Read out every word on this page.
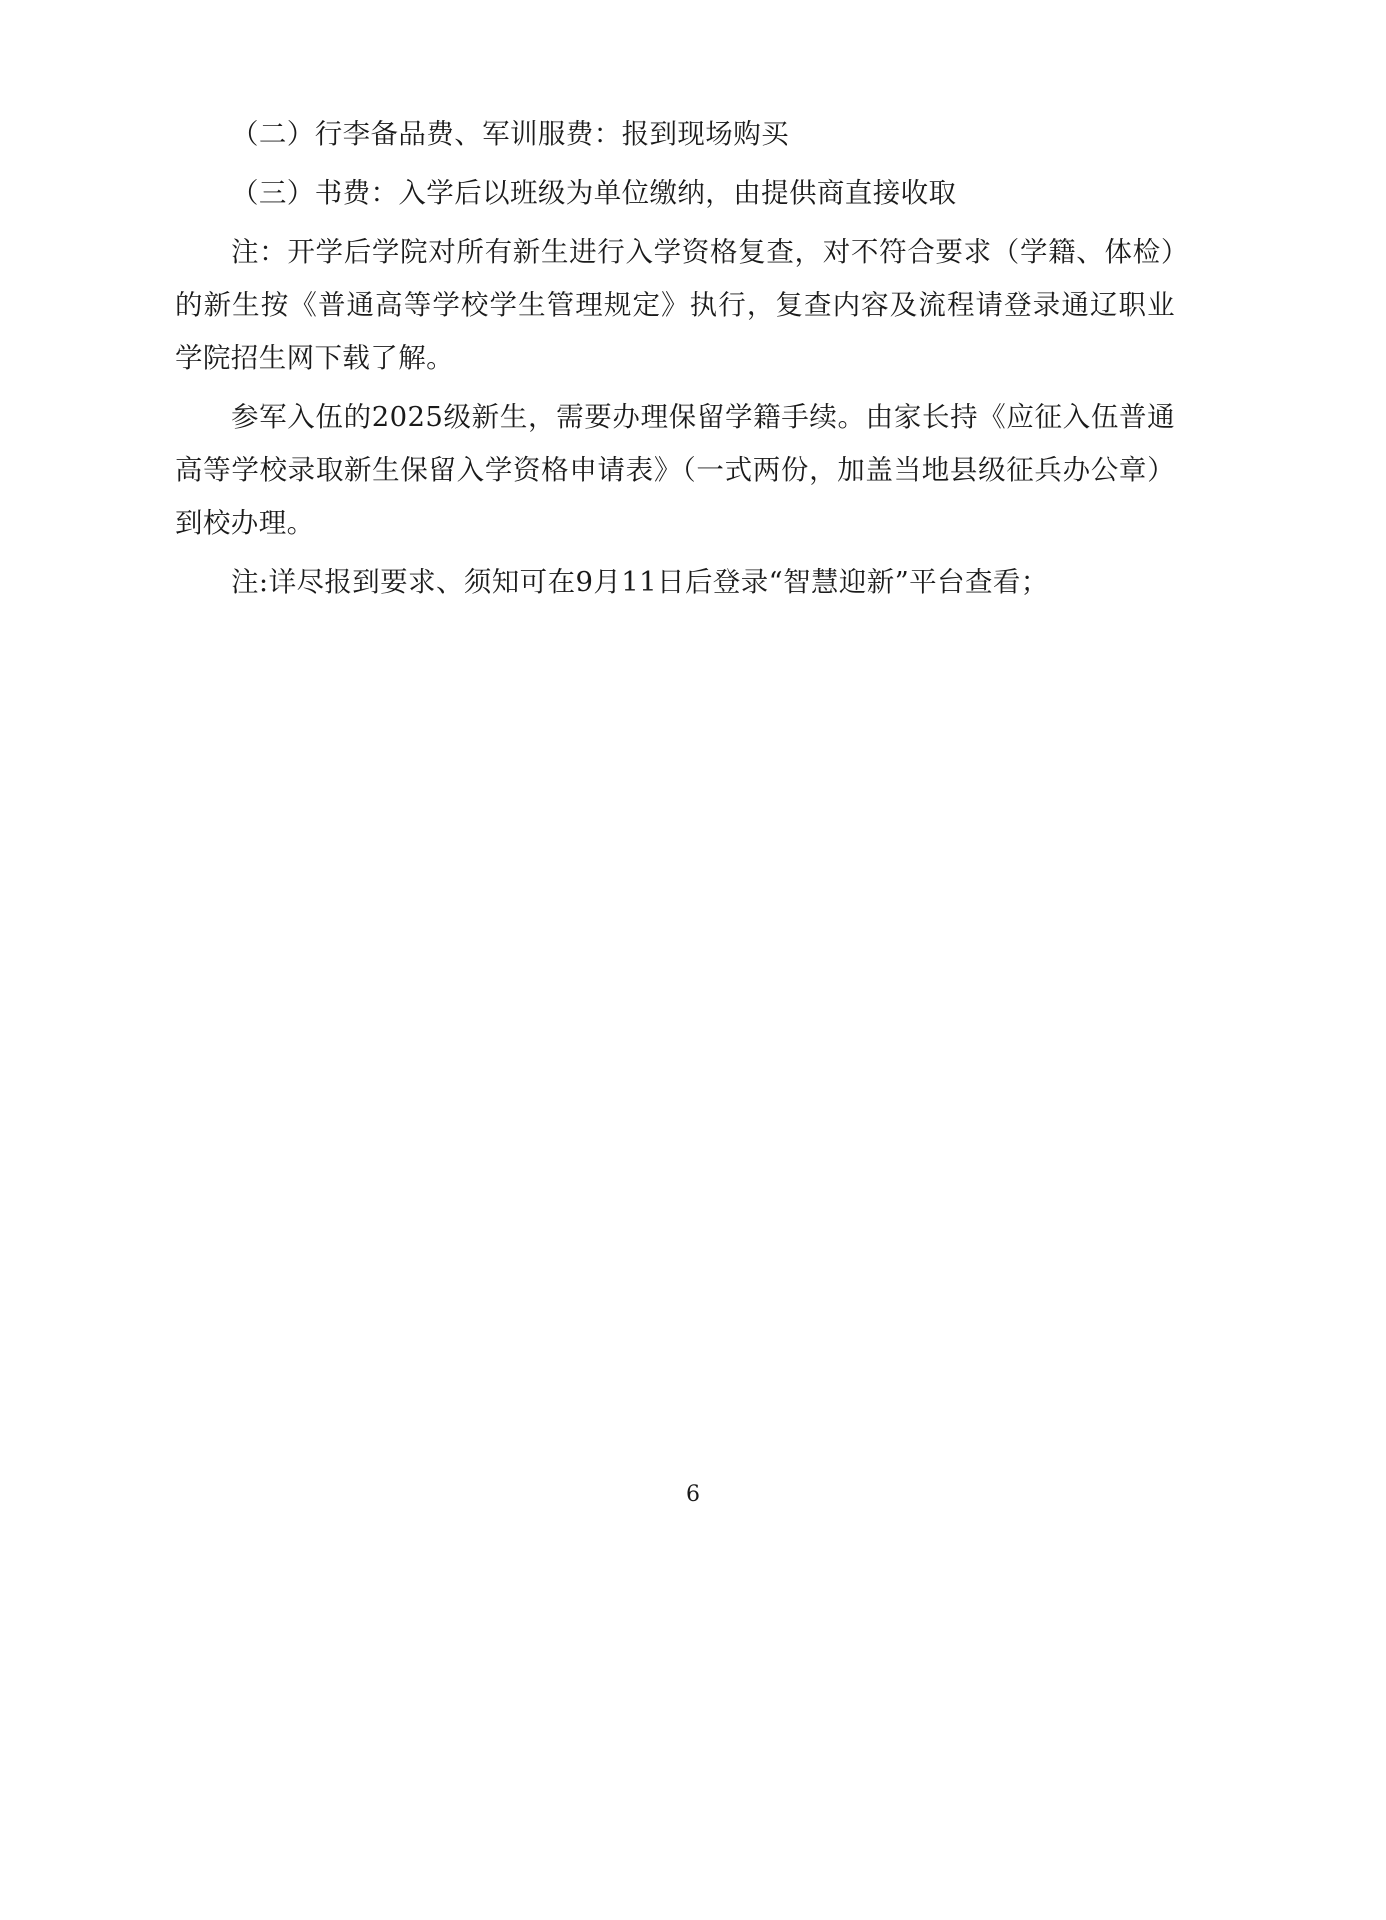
（二）行李备品费、军训服费：报到现场购买

（三）书费：入学后以班级为单位缴纳，由提供商直接收取

注：开学后学院对所有新生进行入学资格复查，对不符合要求（学籍、体检）的新生按《普通高等学校学生管理规定》执行，复查内容及流程请登录通辽职业学院招生网下载了解。

参军入伍的2025级新生，需要办理保留学籍手续。由家长持《应征入伍普通高等学校录取新生保留入学资格申请表》（一式两份，加盖当地县级征兵办公章）到校办理。

注:详尽报到要求、须知可在9月11日后登录“智慧迎新”平台查看；

6
